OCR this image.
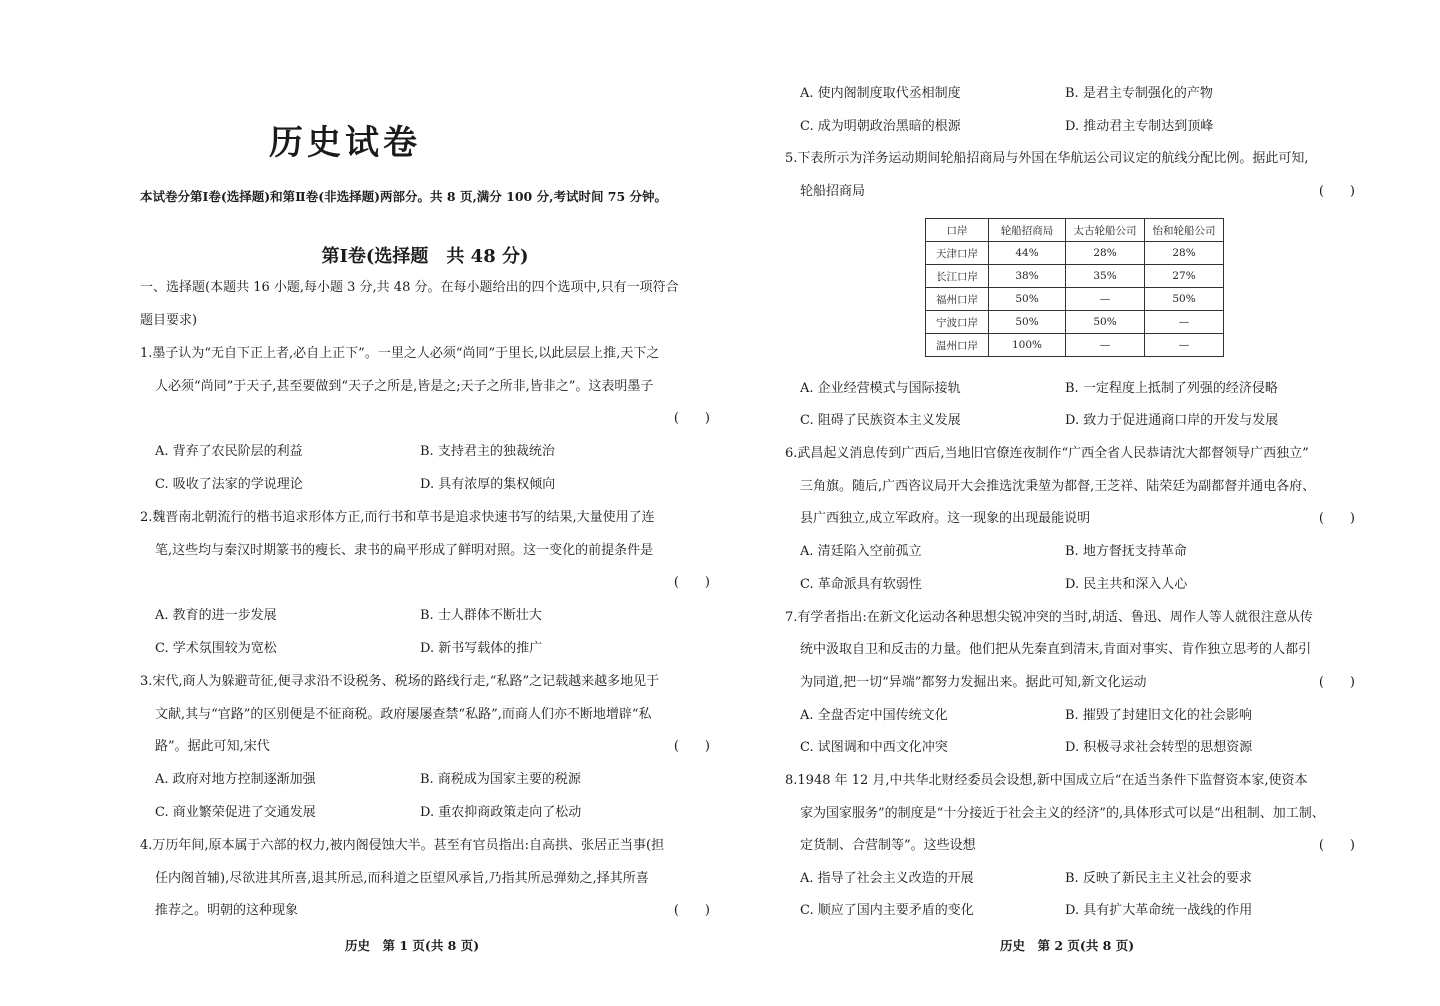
历史试卷
本试卷分第Ⅰ卷(选择题)和第Ⅱ卷(非选择题)两部分。共 8 页,满分 100 分,考试时间 75 分钟。
第Ⅰ卷(选择题　共 48 分)
一、选择题(本题共 16 小题,每小题 3 分,共 48 分。在每小题给出的四个选项中,只有一项符合
题目要求)
1.墨子认为“无自下正上者,必自上正下”。一里之人必须“尚同”于里长,以此层层上推,天下之
人必须“尚同”于天子,甚至要做到“天子之所是,皆是之;天子之所非,皆非之”。这表明墨子
(　　)
A. 背弃了农民阶层的利益	B. 支持君主的独裁统治
C. 吸收了法家的学说理论	D. 具有浓厚的集权倾向
2.魏晋南北朝流行的楷书追求形体方正,而行书和草书是追求快速书写的结果,大量使用了连
笔,这些均与秦汉时期篆书的瘦长、隶书的扁平形成了鲜明对照。这一变化的前提条件是
(　　)
A. 教育的进一步发展	B. 士人群体不断壮大
C. 学术氛围较为宽松	D. 新书写载体的推广
3.宋代,商人为躲避苛征,便寻求沿不设税务、税场的路线行走,“私路”之记载越来越多地见于
文献,其与“官路”的区别便是不征商税。政府屡屡查禁“私路”,而商人们亦不断地增辟“私
路”。据此可知,宋代	(　　)
A. 政府对地方控制逐渐加强	B. 商税成为国家主要的税源
C. 商业繁荣促进了交通发展	D. 重农抑商政策走向了松动
4.万历年间,原本属于六部的权力,被内阁侵蚀大半。甚至有官员指出:自高拱、张居正当事(担
任内阁首辅),尽欲进其所喜,退其所忌,而科道之臣望风承旨,乃指其所忌弹劾之,择其所喜
推荐之。明朝的这种现象	(　　)
历史　第 1 页(共 8 页)
A. 使内阁制度取代丞相制度	B. 是君主专制强化的产物
C. 成为明朝政治黑暗的根源	D. 推动君主专制达到顶峰
5.下表所示为洋务运动期间轮船招商局与外国在华航运公司议定的航线分配比例。据此可知,
轮船招商局	(　　)
口岸	轮船招商局	太古轮船公司	怡和轮船公司
天津口岸	44%	28%	28%
长江口岸	38%	35%	27%
福州口岸	50%	—	50%
宁波口岸	50%	50%	—
温州口岸	100%	—	—
A. 企业经营模式与国际接轨	B. 一定程度上抵制了列强的经济侵略
C. 阻碍了民族资本主义发展	D. 致力于促进通商口岸的开发与发展
6.武昌起义消息传到广西后,当地旧官僚连夜制作“广西全省人民恭请沈大都督领导广西独立”
三角旗。随后,广西咨议局开大会推选沈秉堃为都督,王芝祥、陆荣廷为副都督并通电各府、
县广西独立,成立军政府。这一现象的出现最能说明	(　　)
A. 清廷陷入空前孤立	B. 地方督抚支持革命
C. 革命派具有软弱性	D. 民主共和深入人心
7.有学者指出:在新文化运动各种思想尖锐冲突的当时,胡适、鲁迅、周作人等人就很注意从传
统中汲取自卫和反击的力量。他们把从先秦直到清末,肯面对事实、肯作独立思考的人都引
为同道,把一切“异端”都努力发掘出来。据此可知,新文化运动	(　　)
A. 全盘否定中国传统文化	B. 摧毁了封建旧文化的社会影响
C. 试图调和中西文化冲突	D. 积极寻求社会转型的思想资源
8.1948 年 12 月,中共华北财经委员会设想,新中国成立后“在适当条件下监督资本家,使资本
家为国家服务”的制度是“十分接近于社会主义的经济”的,具体形式可以是“出租制、加工制、
定货制、合营制等”。这些设想	(　　)
A. 指导了社会主义改造的开展	B. 反映了新民主主义社会的要求
C. 顺应了国内主要矛盾的变化	D. 具有扩大革命统一战线的作用
历史　第 2 页(共 8 页)
